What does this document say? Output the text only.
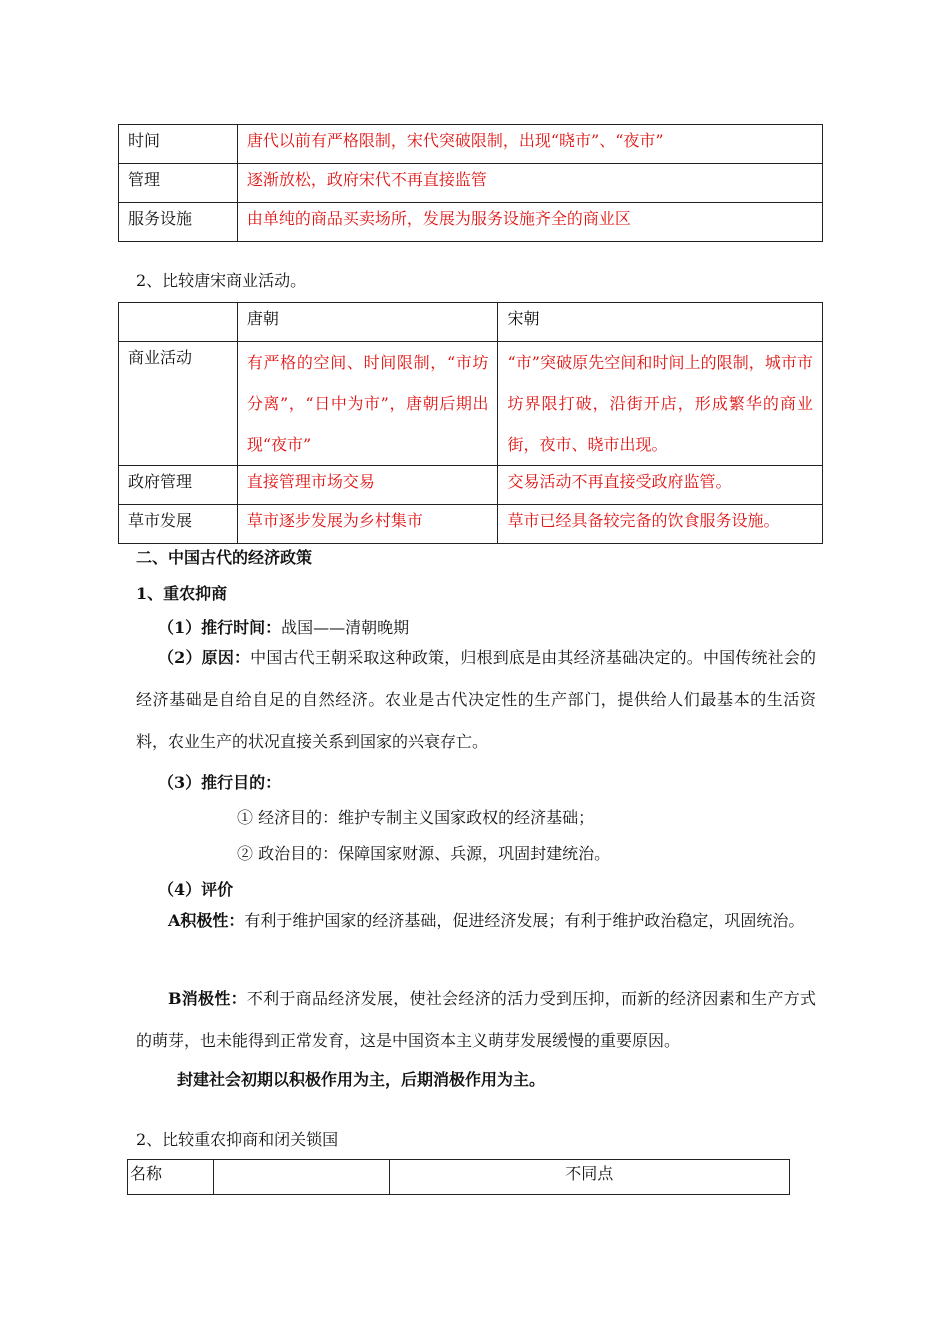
时间	唐代以前有严格限制，宋代突破限制，出现“晓市”、“夜市”
管理	逐渐放松，政府宋代不再直接监管
服务设施	由单纯的商品买卖场所，发展为服务设施齐全的商业区
2、比较唐宋商业活动。
	唐朝	宋朝
商业活动	有严格的空间、时间限制，“市坊分离”，“日中为市”，唐朝后期出现“夜市”	“市”突破原先空间和时间上的限制，城市市坊界限打破，沿街开店，形成繁华的商业街，夜市、晓市出现。
政府管理	直接管理市场交易	交易活动不再直接受政府监管。
草市发展	草市逐步发展为乡村集市	草市已经具备较完备的饮食服务设施。
二、中国古代的经济政策
1、重农抑商
（1）推行时间：战国——清朝晚期
（2）原因：中国古代王朝采取这种政策，归根到底是由其经济基础决定的。中国传统社会的经济基础是自给自足的自然经济。农业是古代决定性的生产部门，提供给人们最基本的生活资料，农业生产的状况直接关系到国家的兴衰存亡。
（3）推行目的：
① 经济目的：维护专制主义国家政权的经济基础；
② 政治目的：保障国家财源、兵源，巩固封建统治。
（4）评价
A积极性：有利于维护国家的经济基础，促进经济发展；有利于维护政治稳定，巩固统治。
B消极性：不利于商品经济发展，使社会经济的活力受到压抑，而新的经济因素和生产方式的萌芽，也未能得到正常发育，这是中国资本主义萌芽发展缓慢的重要原因。
封建社会初期以积极作用为主，后期消极作用为主。
2、比较重农抑商和闭关锁国
名称		不同点
